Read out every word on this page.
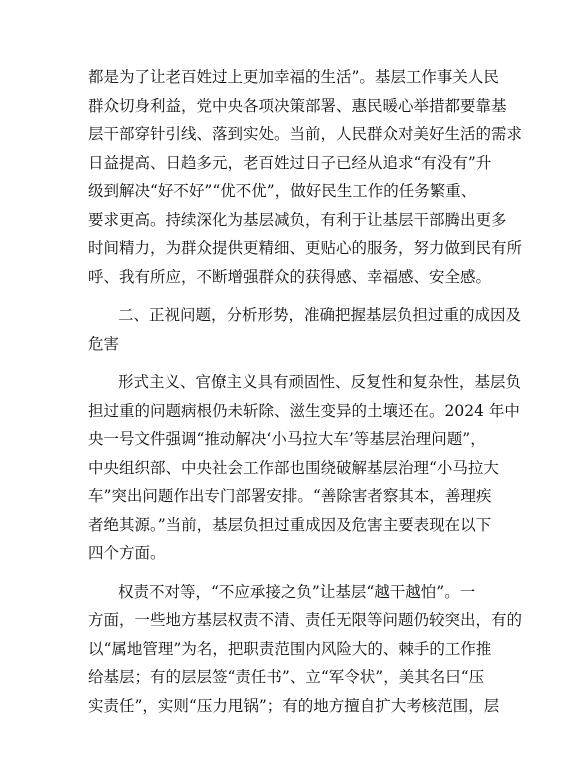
都是为了让老百姓过上更加幸福的生活”。基层工作事关人民
群众切身利益，党中央各项决策部署、惠民暖心举措都要靠基
层干部穿针引线、落到实处。当前，人民群众对美好生活的需求
日益提高、日趋多元，老百姓过日子已经从追求“有没有”升
级到解决“好不好”“优不优”，做好民生工作的任务繁重、
要求更高。持续深化为基层减负，有利于让基层干部腾出更多
时间精力，为群众提供更精细、更贴心的服务，努力做到民有所
呼、我有所应，不断增强群众的获得感、幸福感、安全感。
二、正视问题，分析形势，准确把握基层负担过重的成因及
危害
形式主义、官僚主义具有顽固性、反复性和复杂性，基层负
担过重的问题病根仍未斩除、滋生变异的土壤还在。2024 年中
央一号文件强调“推动解决‘小马拉大车’等基层治理问题”，
中央组织部、中央社会工作部也围绕破解基层治理“小马拉大
车”突出问题作出专门部署安排。“善除害者察其本，善理疾
者绝其源。”当前，基层负担过重成因及危害主要表现在以下
四个方面。
权责不对等，“不应承接之负”让基层“越干越怕”。一
方面，一些地方基层权责不清、责任无限等问题仍较突出，有的
以“属地管理”为名，把职责范围内风险大的、棘手的工作推
给基层；有的层层签“责任书”、立“军令状”，美其名曰“压
实责任”，实则“压力甩锅”；有的地方擅自扩大考核范围，层
